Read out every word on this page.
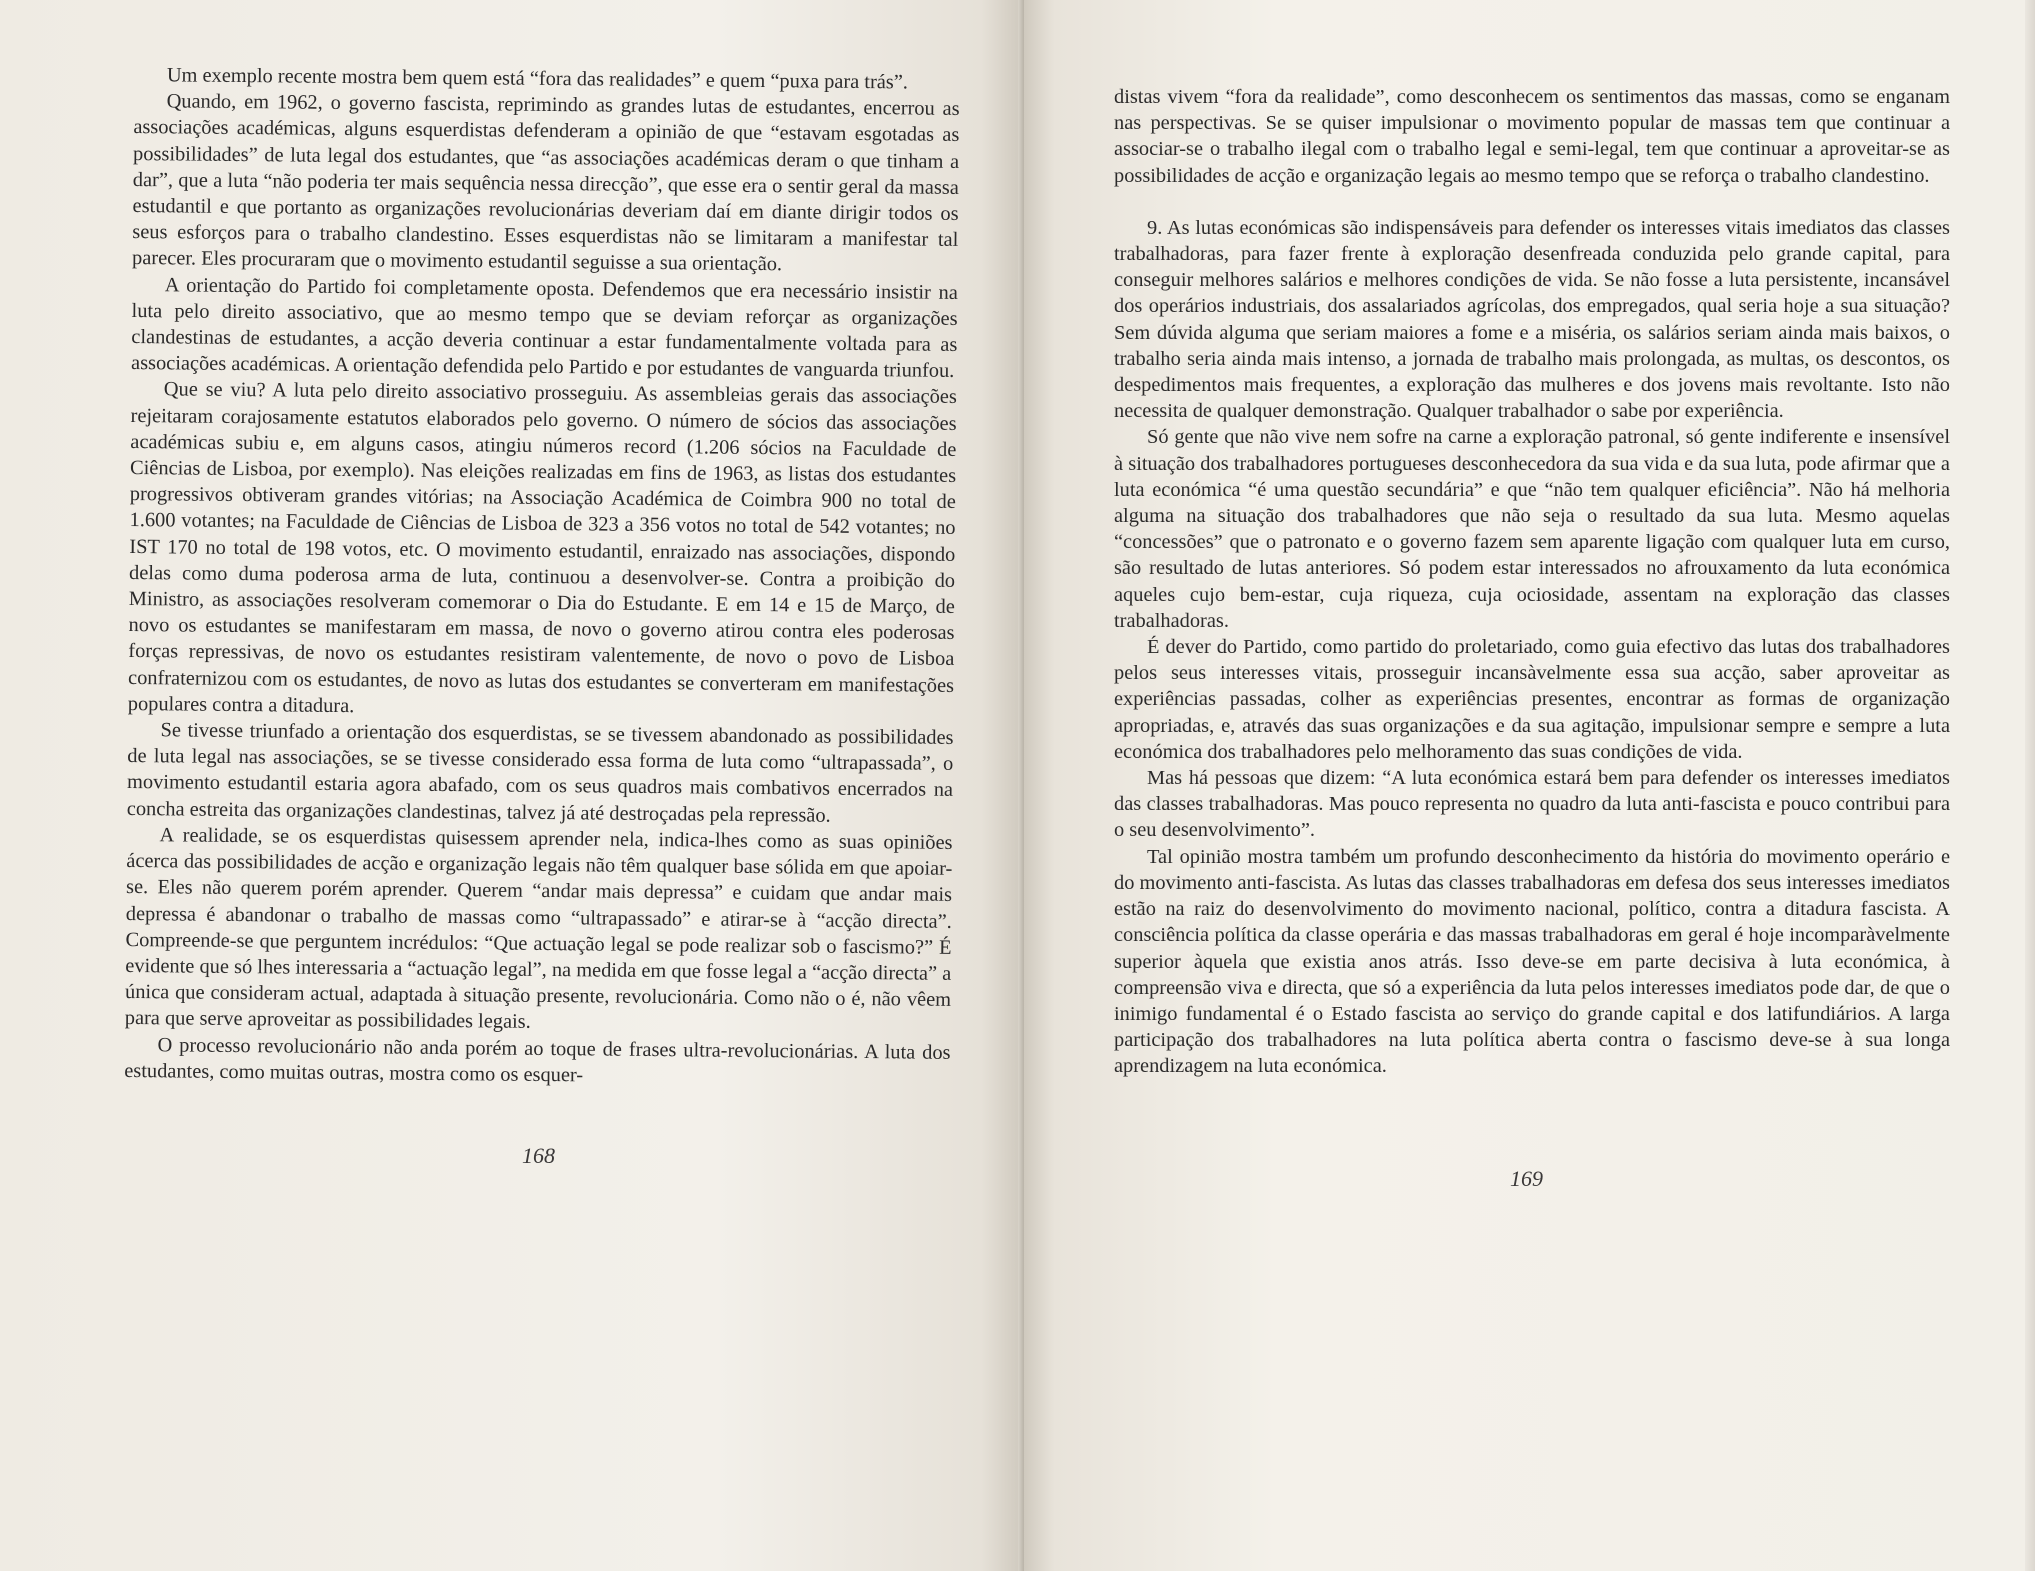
Um exemplo recente mostra bem quem está “fora das realidades” e quem “puxa para trás”.

Quando, em 1962, o governo fascista, reprimindo as grandes lutas de estudantes, encerrou as associações académicas, alguns esquerdistas defenderam a opinião de que “estavam esgotadas as possibilidades” de luta legal dos estudantes, que “as associações académicas deram o que tinham a dar”, que a luta “não poderia ter mais sequência nessa direcção”, que esse era o sentir geral da massa estudantil e que portanto as organizações revolucionárias deveriam daí em diante dirigir todos os seus esforços para o trabalho clandestino. Esses esquerdistas não se limitaram a manifestar tal parecer. Eles procuraram que o movimento estudantil seguisse a sua orientação.

A orientação do Partido foi completamente oposta. Defendemos que era necessário insistir na luta pelo direito associativo, que ao mesmo tempo que se deviam reforçar as organizações clandestinas de estudantes, a acção deveria continuar a estar fundamentalmente voltada para as associações académicas. A orientação defendida pelo Partido e por estudantes de vanguarda triunfou.

Que se viu? A luta pelo direito associativo prosseguiu. As assembleias gerais das associações rejeitaram corajosamente estatutos elaborados pelo governo. O número de sócios das associações académicas subiu e, em alguns casos, atingiu números record (1.206 sócios na Faculdade de Ciências de Lisboa, por exemplo). Nas eleições realizadas em fins de 1963, as listas dos estudantes progressivos obtiveram grandes vitórias; na Associação Académica de Coimbra 900 no total de 1.600 votantes; na Faculdade de Ciências de Lisboa de 323 a 356 votos no total de 542 votantes; no IST 170 no total de 198 votos, etc. O movimento estudantil, enraizado nas associações, dispondo delas como duma poderosa arma de luta, continuou a desenvolver-se. Contra a proibição do Ministro, as associações resolveram comemorar o Dia do Estudante. E em 14 e 15 de Março, de novo os estudantes se manifestaram em massa, de novo o governo atirou contra eles poderosas forças repressivas, de novo os estudantes resistiram valentemente, de novo o povo de Lisboa confraternizou com os estudantes, de novo as lutas dos estudantes se converteram em manifestações populares contra a ditadura.

Se tivesse triunfado a orientação dos esquerdistas, se se tivessem abandonado as possibilidades de luta legal nas associações, se se tivesse considerado essa forma de luta como “ultrapassada”, o movimento estudantil estaria agora abafado, com os seus quadros mais combativos encerrados na concha estreita das organizações clandestinas, talvez já até destroçadas pela repressão.

A realidade, se os esquerdistas quisessem aprender nela, indica-lhes como as suas opiniões ácerca das possibilidades de acção e organização legais não têm qualquer base sólida em que apoiar-se. Eles não querem porém aprender. Querem “andar mais depressa” e cuidam que andar mais depressa é abandonar o trabalho de massas como “ultrapassado” e atirar-se à “acção directa”. Compreende-se que perguntem incrédulos: “Que actuação legal se pode realizar sob o fascismo?” É evidente que só lhes interessaria a “actuação legal”, na medida em que fosse legal a “acção directa” a única que consideram actual, adaptada à situação presente, revolucionária. Como não o é, não vêem para que serve aproveitar as possibilidades legais.

O processo revolucionário não anda porém ao toque de frases ultra-revolucionárias. A luta dos estudantes, como muitas outras, mostra como os esquer-

168

distas vivem “fora da realidade”, como desconhecem os sentimentos das massas, como se enganam nas perspectivas. Se se quiser impulsionar o movimento popular de massas tem que continuar a associar-se o trabalho ilegal com o trabalho legal e semi-legal, tem que continuar a aproveitar-se as possibilidades de acção e organização legais ao mesmo tempo que se reforça o trabalho clandestino.

9. As lutas económicas são indispensáveis para defender os interesses vitais imediatos das classes trabalhadoras, para fazer frente à exploração desenfreada conduzida pelo grande capital, para conseguir melhores salários e melhores condições de vida. Se não fosse a luta persistente, incansável dos operários industriais, dos assalariados agrícolas, dos empregados, qual seria hoje a sua situação? Sem dúvida alguma que seriam maiores a fome e a miséria, os salários seriam ainda mais baixos, o trabalho seria ainda mais intenso, a jornada de trabalho mais prolongada, as multas, os descontos, os despedimentos mais frequentes, a exploração das mulheres e dos jovens mais revoltante. Isto não necessita de qualquer demonstração. Qualquer trabalhador o sabe por experiência.

Só gente que não vive nem sofre na carne a exploração patronal, só gente indiferente e insensível à situação dos trabalhadores portugueses desconhecedora da sua vida e da sua luta, pode afirmar que a luta económica “é uma questão secundária” e que “não tem qualquer eficiência”. Não há melhoria alguma na situação dos trabalhadores que não seja o resultado da sua luta. Mesmo aquelas “concessões” que o patronato e o governo fazem sem aparente ligação com qualquer luta em curso, são resultado de lutas anteriores. Só podem estar interessados no afrouxamento da luta económica aqueles cujo bem-estar, cuja riqueza, cuja ociosidade, assentam na exploração das classes trabalhadoras.

É dever do Partido, como partido do proletariado, como guia efectivo das lutas dos trabalhadores pelos seus interesses vitais, prosseguir incansàvelmente essa sua acção, saber aproveitar as experiências passadas, colher as experiências presentes, encontrar as formas de organização apropriadas, e, através das suas organizações e da sua agitação, impulsionar sempre e sempre a luta económica dos trabalhadores pelo melhoramento das suas condições de vida.

Mas há pessoas que dizem: “A luta económica estará bem para defender os interesses imediatos das classes trabalhadoras. Mas pouco representa no quadro da luta anti-fascista e pouco contribui para o seu desenvolvimento”.

Tal opinião mostra também um profundo desconhecimento da história do movimento operário e do movimento anti-fascista. As lutas das classes trabalhadoras em defesa dos seus interesses imediatos estão na raiz do desenvolvimento do movimento nacional, político, contra a ditadura fascista. A consciência política da classe operária e das massas trabalhadoras em geral é hoje incomparàvelmente superior àquela que existia anos atrás. Isso deve-se em parte decisiva à luta económica, à compreensão viva e directa, que só a experiência da luta pelos interesses imediatos pode dar, de que o inimigo fundamental é o Estado fascista ao serviço do grande capital e dos latifundiários. A larga participação dos trabalhadores na luta política aberta contra o fascismo deve-se à sua longa aprendizagem na luta económica.

169
